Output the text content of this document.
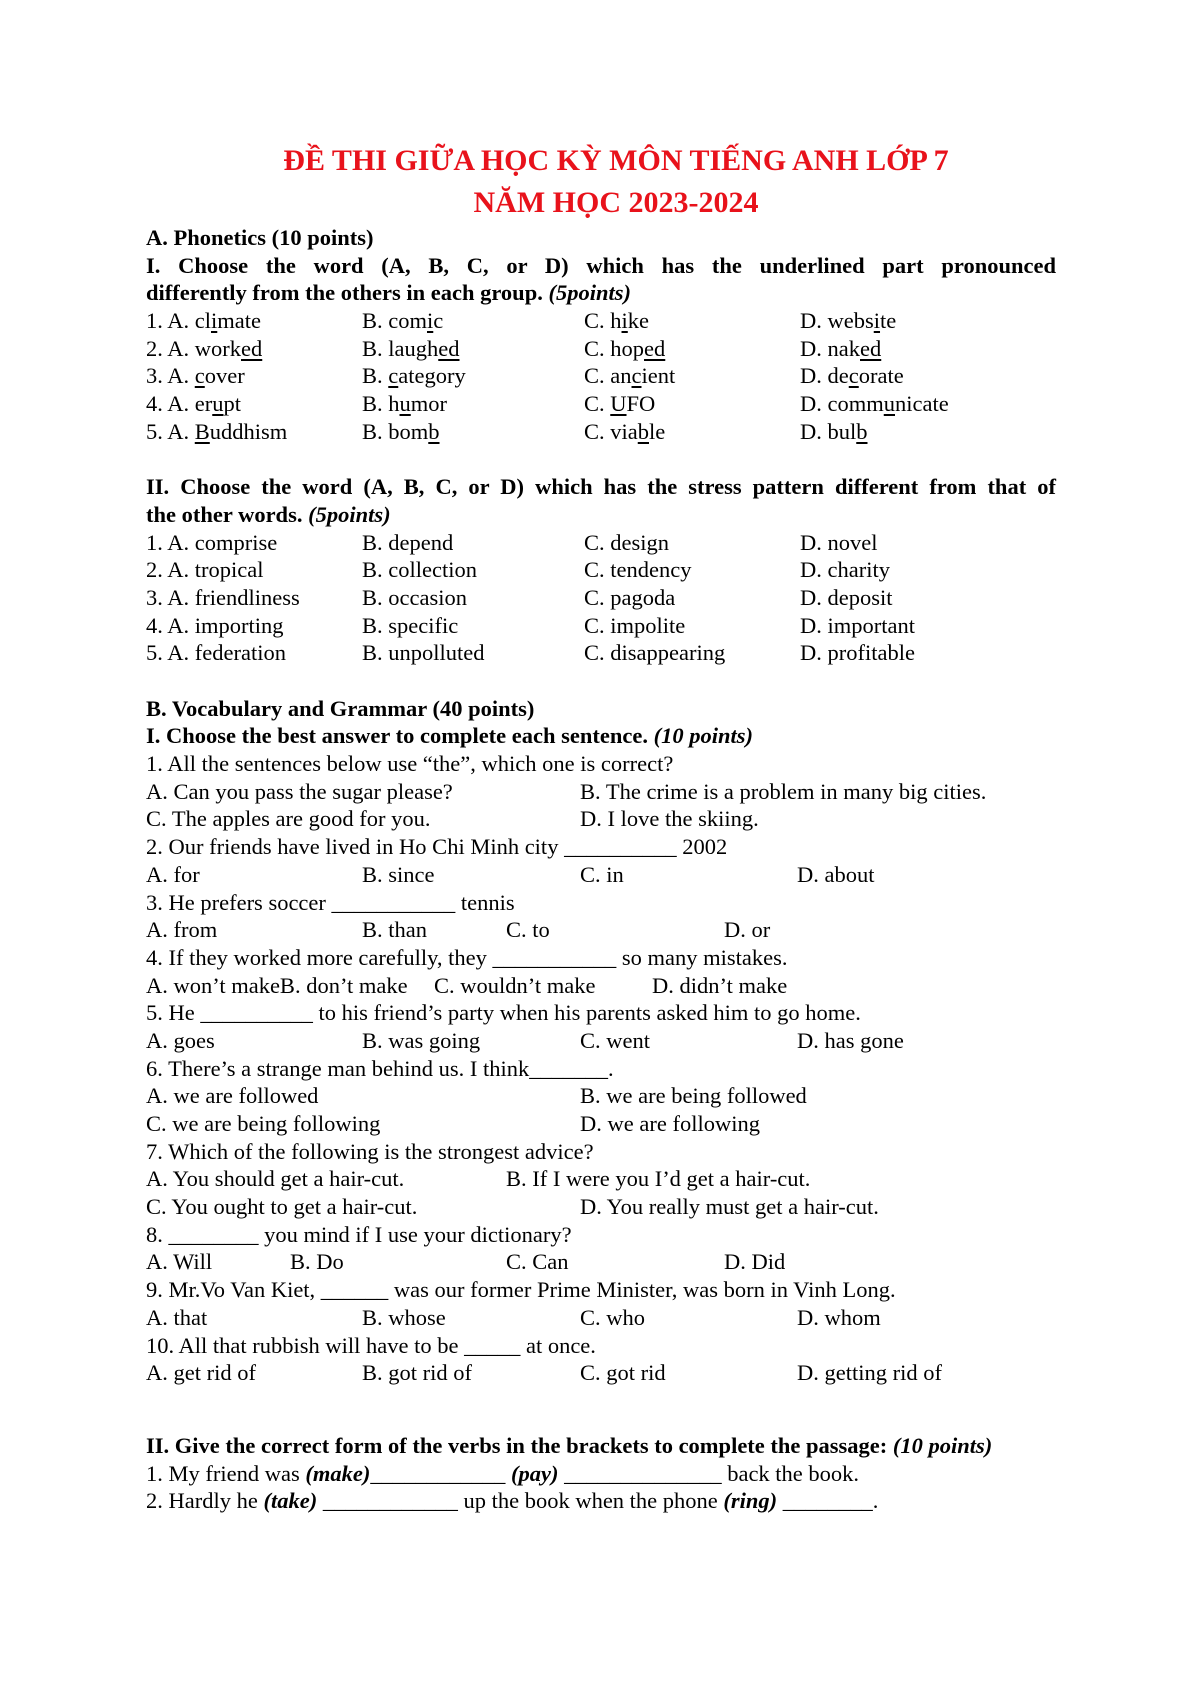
ĐỀ THI GIỮA HỌC KỲ MÔN TIẾNG ANH LỚP 7
NĂM HỌC 2023-2024
A. Phonetics (10 points)
I. Choose the word (A, B, C, or D) which has the underlined part pronounced
differently from the others in each group. (5points)
1. A. climate	B. comic	C. hike	D. website
2. A. worked	B. laughed	C. hoped	D. naked
3. A. cover	B. category	C. ancient	D. decorate
4. A. erupt	B. humor	C. UFO	D. communicate
5. A. Buddhism	B. bomb	C. viable	D. bulb
II. Choose the word (A, B, C, or D) which has the stress pattern different from that of
the other words. (5points)
1. A. comprise	B. depend	C. design	D. novel
2. A. tropical	B. collection	C. tendency	D. charity
3. A. friendliness	B. occasion	C. pagoda	D. deposit
4. A. importing	B. specific	C. impolite	D. important
5. A. federation	B. unpolluted	C. disappearing	D. profitable
B. Vocabulary and Grammar (40 points)
I. Choose the best answer to complete each sentence. (10 points)
1. All the sentences below use “the”, which one is correct?
A. Can you pass the sugar please?	B. The crime is a problem in many big cities.
C. The apples are good for you.	D. I love the skiing.
2. Our friends have lived in Ho Chi Minh city __________ 2002
A. for	B. since	C. in	D. about
3. He prefers soccer ___________ tennis
A. from	B. than	C. to	D. or
4. If they worked more carefully, they ___________ so many mistakes.
A. won’t makeB. don’t make C. wouldn’t make	D. didn’t make
5. He __________ to his friend’s party when his parents asked him to go home.
A. goes	B. was going	C. went	D. has gone
6. There’s a strange man behind us. I think_______.
A. we are followed	B. we are being followed
C. we are being following	D. we are following
7. Which of the following is the strongest advice?
A. You should get a hair-cut.	B. If I were you I’d get a hair-cut.
C. You ought to get a hair-cut.	D. You really must get a hair-cut.
8. ________ you mind if I use your dictionary?
A. Will	B. Do	C. Can	D. Did
9. Mr.Vo Van Kiet, ______ was our former Prime Minister, was born in Vinh Long.
A. that	B. whose	C. who	D. whom
10. All that rubbish will have to be _____ at once.
A. get rid of	B. got rid of	C. got rid	D. getting rid of
II. Give the correct form of the verbs in the brackets to complete the passage: (10 points)
1. My friend was (make)____________ (pay) ______________ back the book.
2. Hardly he (take) ____________ up the book when the phone (ring) ________.
